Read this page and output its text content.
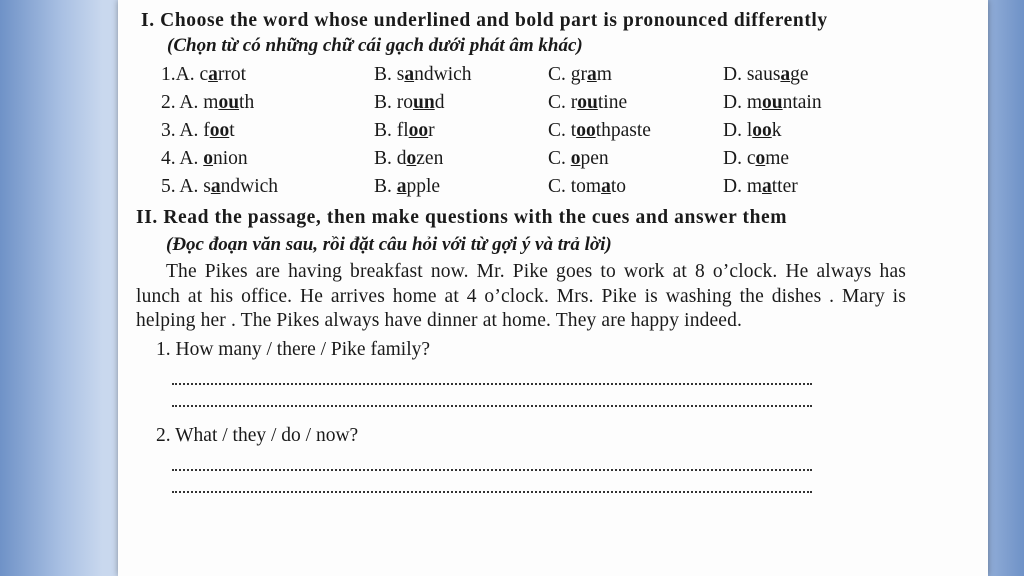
I. Choose the word whose underlined and bold part is pronounced differently
(Chọn từ có những chữ cái gạch dưới phát âm khác)
1.A. carrot	B. sandwich	C. gram	D. sausage
2. A. mouth	B. round	C. routine	D. mountain
3. A. foot	B. floor	C. toothpaste	D. look
4. A. onion	B. dozen	C. open	D. come
5. A. sandwich	B. apple	C. tomato	D. matter
II. Read the passage, then make questions with the cues and answer them
(Đọc đoạn văn sau, rồi đặt câu hỏi với từ gợi ý và trả lời)
The Pikes are having breakfast now. Mr. Pike goes to work at 8 o’clock. He always has lunch at his office. He arrives home at 4 o’clock. Mrs. Pike is washing the dishes . Mary is helping her . The Pikes always have dinner at home. They are happy indeed.
1. How many / there / Pike family?
2. What / they / do / now?
